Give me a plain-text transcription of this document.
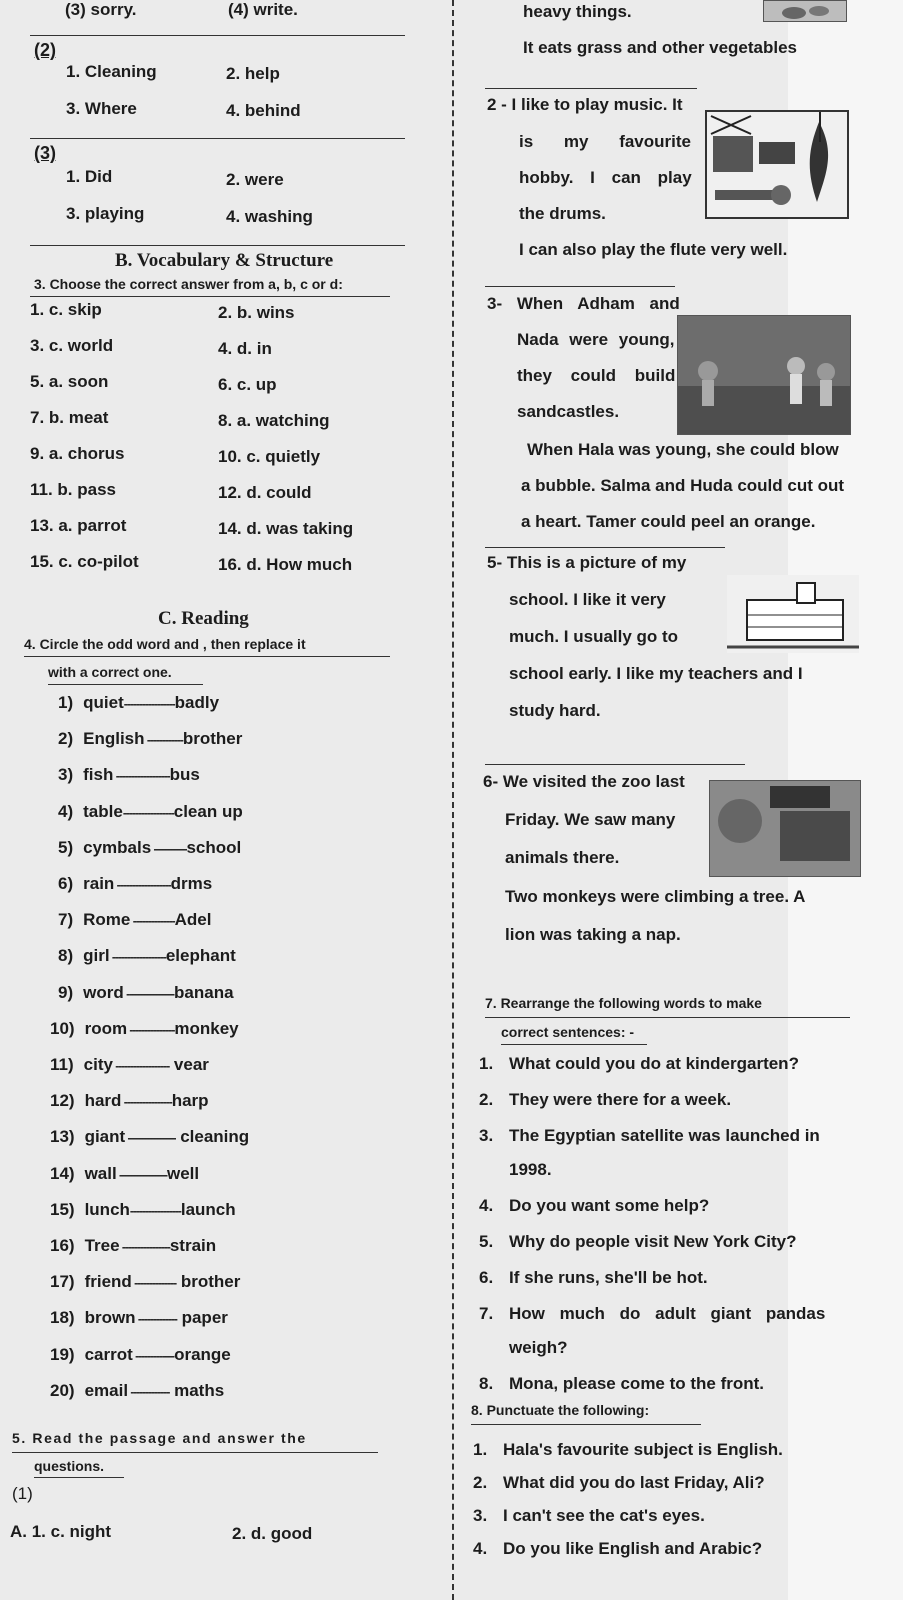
(3) sorry.	(4) write.
(2)
1. Cleaning	2. help
3. Where	4. behind
(3)
1. Did	2. were
3. playing	4. washing
B. Vocabulary & Structure
3. Choose the correct answer from a, b, c or d:
1. c. skip	2. b. wins
3. c. world	4. d. in
5. a. soon	6. c. up
7. b. meat	8. a. watching
9. a. chorus	10. c. quietly
11. b. pass	12. d. could
13. a. parrot	14. d. was taking
15. c. co-pilot	16. d. How much
C. Reading
4. Circle the odd word and , then replace it
with a correct one.
1) quiet-----------------badly
2) English ------------brother
3) fish ------------------bus
4) table-----------------clean up
5) cymbals -----------school
6) rain ------------------drms
7) Rome --------------Adel
8) girl ------------------elephant
9) word ----------------banana
10) room ---------------monkey
11) city ------------------ vear
12) hard ----------------harp
13) giant ---------------- cleaning
14) wall ----------------well
15) lunch-----------------launch
16) Tree ----------------strain
17) friend -------------- brother
18) brown ------------- paper
19) carrot -------------orange
20) email ------------- maths
5. Read the passage and answer the
questions.
(1)
A. 1. c. night	2. d. good
heavy things.
It eats grass and other vegetables
2 - I like to play music. It
is my favourite
hobby. I can play
the drums.
I can also play the flute very well.
3- When Adham and
Nada were young,
they could build
sandcastles.
When Hala was young, she could blow
a bubble. Salma and Huda could cut out
a heart. Tamer could peel an orange.
5- This is a picture of my
school. I like it very
much. I usually go to
school early. I like my teachers and I
study hard.
6- We visited the zoo last
Friday. We saw many
animals there.
Two monkeys were climbing a tree. A
lion was taking a nap.
7. Rearrange the following words to make
correct sentences: -
1. What could you do at kindergarten?
2. They were there for a week.
3. The Egyptian satellite was launched in
1998.
4. Do you want some help?
5. Why do people visit New York City?
6. If she runs, she'll be hot.
7. How much do adult giant pandas
weigh?
8. Mona, please come to the front.
8. Punctuate the following:
1. Hala's favourite subject is English.
2. What did you do last Friday, Ali?
3. I can't see the cat's eyes.
4. Do you like English and Arabic?
